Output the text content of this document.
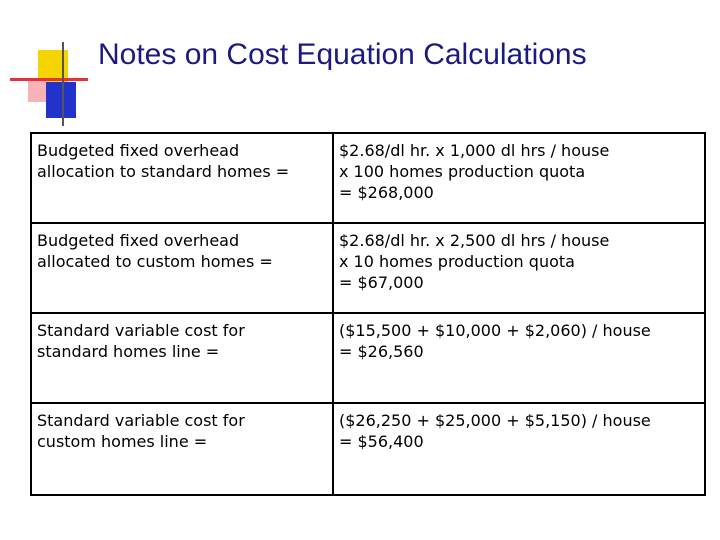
Notes on Cost Equation Calculations
Budgeted fixed overhead
allocation to standard homes =	$2.68/dl hr. x 1,000 dl hrs / house
x 100 homes production quota
= $268,000

Budgeted fixed overhead
allocated to custom homes =	$2.68/dl hr. x 2,500 dl hrs / house
x 10 homes production quota
= $67,000

Standard variable cost for
standard homes line =	($15,500 + $10,000 + $2,060) / house
= $26,560

Standard variable cost for
custom homes line =	($26,250 + $25,000 + $5,150) / house
= $56,400
